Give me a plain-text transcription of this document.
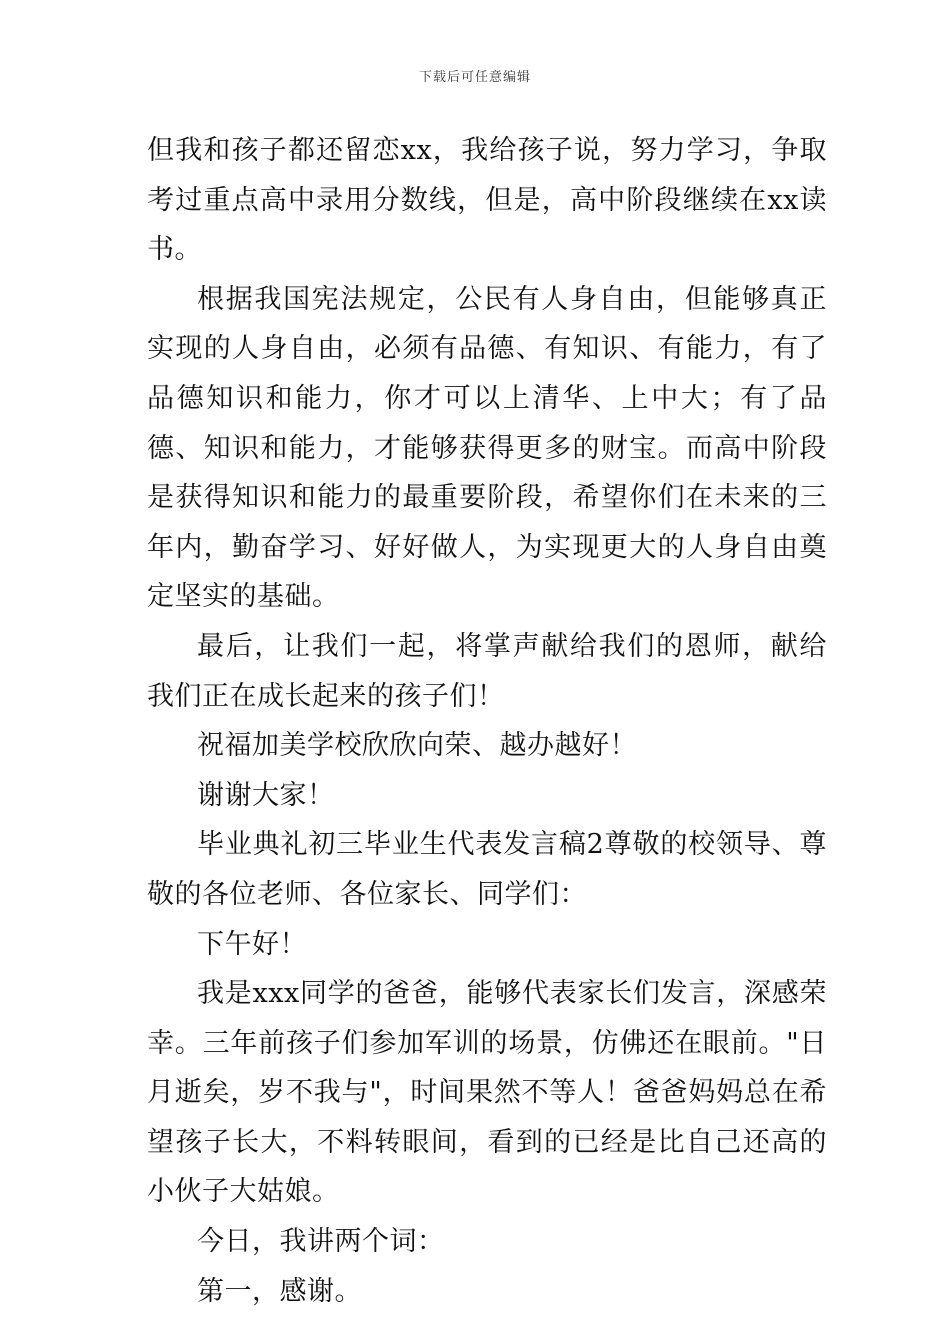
下载后可任意编辑

但我和孩子都还留恋xx，我给孩子说，努力学习，争取考过重点高中录用分数线，但是，高中阶段继续在xx读书。

根据我国宪法规定，公民有人身自由，但能够真正实现的人身自由，必须有品德、有知识、有能力，有了品德知识和能力，你才可以上清华、上中大；有了品德、知识和能力，才能够获得更多的财宝。而高中阶段是获得知识和能力的最重要阶段，希望你们在未来的三年内，勤奋学习、好好做人，为实现更大的人身自由奠定坚实的基础。

最后，让我们一起，将掌声献给我们的恩师，献给我们正在成长起来的孩子们！

祝福加美学校欣欣向荣、越办越好！

谢谢大家！

毕业典礼初三毕业生代表发言稿2尊敬的校领导、尊敬的各位老师、各位家长、同学们：

下午好！

我是xxx同学的爸爸，能够代表家长们发言，深感荣幸。三年前孩子们参加军训的场景，仿佛还在眼前。"日月逝矣，岁不我与"，时间果然不等人！爸爸妈妈总在希望孩子长大，不料转眼间，看到的已经是比自己还高的小伙子大姑娘。

今日，我讲两个词：

第一，感谢。
